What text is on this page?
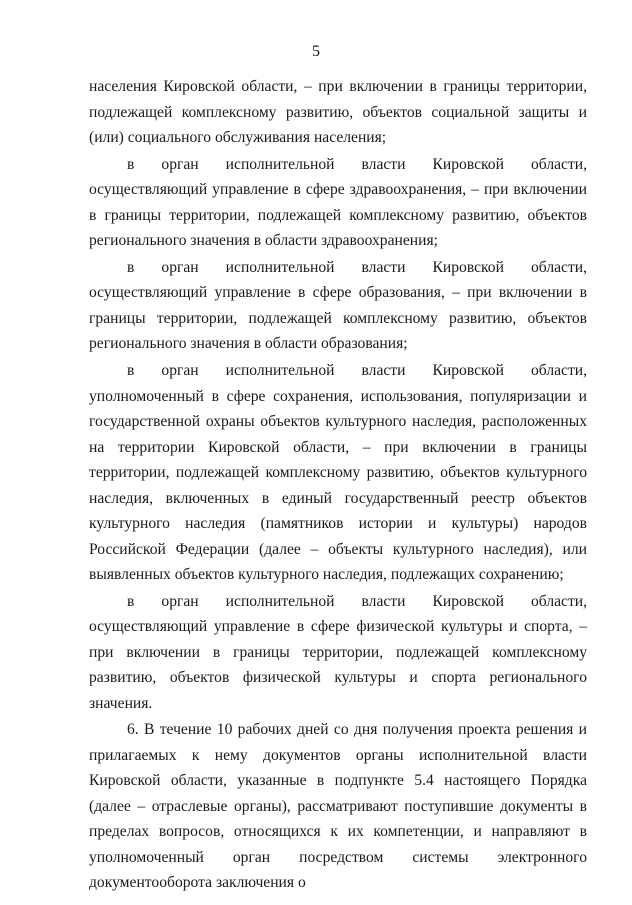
5

населения Кировской области, – при включении в границы территории, подлежащей комплексному развитию, объектов социальной защиты и (или) социального обслуживания населения;

в орган исполнительной власти Кировской области, осуществляющий управление в сфере здравоохранения, – при включении в границы территории, подлежащей комплексному развитию, объектов регионального значения в области здравоохранения;

в орган исполнительной власти Кировской области, осуществляющий управление в сфере образования, – при включении в границы территории, подлежащей комплексному развитию, объектов регионального значения в области образования;

в орган исполнительной власти Кировской области, уполномоченный в сфере сохранения, использования, популяризации и государственной охраны объектов культурного наследия, расположенных на территории Кировской области, – при включении в границы территории, подлежащей комплексному развитию, объектов культурного наследия, включенных в единый государственный реестр объектов культурного наследия (памятников истории и культуры) народов Российской Федерации (далее – объекты культурного наследия), или выявленных объектов культурного наследия, подлежащих сохранению;

в орган исполнительной власти Кировской области, осуществляющий управление в сфере физической культуры и спорта, – при включении в границы территории, подлежащей комплексному развитию, объектов физической культуры и спорта регионального значения.

6. В течение 10 рабочих дней со дня получения проекта решения и прилагаемых к нему документов органы исполнительной власти Кировской области, указанные в подпункте 5.4 настоящего Порядка (далее – отраслевые органы), рассматривают поступившие документы в пределах вопросов, относящихся к их компетенции, и направляют в уполномоченный орган посредством системы электронного документооборота заключения о
